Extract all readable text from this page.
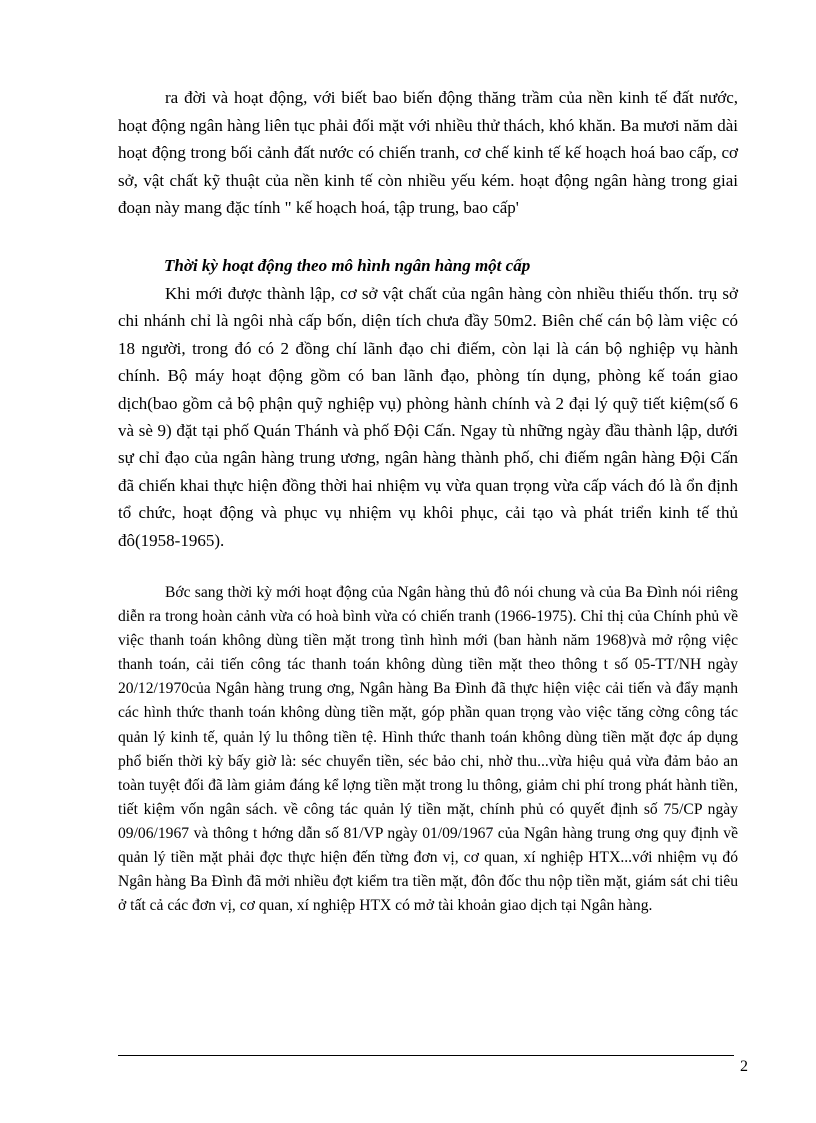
ra đời và hoạt động, với biết bao biến động thăng trầm của nền kinh tế đất nước, hoạt động ngân hàng liên tục phải đối mặt với nhiều thử thách, khó khăn. Ba mươi năm dài hoạt động trong bối cảnh đất nước có chiến tranh, cơ chế kinh tế kế hoạch hoá bao cấp, cơ sở, vật chất kỹ thuật của nền kinh tế còn nhiều yếu kém. hoạt động ngân hàng trong giai đoạn này mang đặc tính " kế hoạch hoá, tập trung, bao cấp'

Thời kỳ hoạt động theo mô hình ngân hàng một cấp

Khi mới được thành lập, cơ sở vật chất của ngân hàng còn nhiều thiếu thốn. trụ sở chi nhánh chỉ là ngôi nhà cấp bốn, diện tích chưa đầy 50m2. Biên chế cán bộ làm việc có 18 người, trong đó có 2 đồng chí lãnh đạo chi điếm, còn lại là cán bộ nghiệp vụ hành chính. Bộ máy hoạt động gồm có ban lãnh đạo, phòng tín dụng, phòng kế toán giao dịch(bao gồm cả bộ phận quỹ nghiệp vụ) phòng hành chính và 2 đại lý quỹ tiết kiệm(số 6 và sè 9) đặt tại phố Quán Thánh và phố Đội Cấn. Ngay tù những ngày đầu thành lập, dưới sự chỉ đạo của ngân hàng trung ương, ngân hàng thành phố, chi điếm ngân hàng Đội Cấn đã chiến khai thực hiện đồng thời hai nhiệm vụ vừa quan trọng vừa cấp vách đó là ổn định tổ chức, hoạt động và phục vụ nhiệm vụ khôi phục, cải tạo và phát triển kinh tế thủ đô(1958-1965).

Bớc sang thời kỳ mới hoạt động của Ngân hàng thủ đô nói chung và của Ba Đình nói riêng diễn ra trong hoàn cảnh vừa có hoà bình vừa có chiến tranh (1966-1975). Chỉ thị của Chính phủ về việc thanh toán không dùng tiền mặt trong tình hình mới (ban hành năm 1968)và mở rộng việc thanh toán, cải tiến công tác thanh toán không dùng tiền mặt theo thông t số 05-TT/NH ngày 20/12/1970của Ngân hàng trung ơng, Ngân hàng Ba Đình đã thực hiện việc cải tiến và đẩy mạnh các hình thức thanh toán không dùng tiền mặt, góp phần quan trọng vào việc tăng cờng công tác quản lý kinh tế, quản lý lu thông tiền tệ. Hình thức thanh toán không dùng tiền mặt đợc áp dụng phổ biến thời kỳ bấy giờ là: séc chuyển tiền, séc bảo chi, nhờ thu...vừa hiệu quả vừa đảm bảo an toàn tuyệt đối đã làm giảm đáng kể lợng tiền mặt trong lu thông, giảm chi phí trong phát hành tiền, tiết kiệm vốn ngân sách. về công tác quản lý tiền mặt, chính phủ có quyết định số 75/CP ngày 09/06/1967 và thông t hớng dẫn số 81/VP ngày 01/09/1967 của Ngân hàng trung ơng quy định về quản lý tiền mặt phải đợc thực hiện đến từng đơn vị, cơ quan, xí nghiệp HTX...với nhiệm vụ đó Ngân hàng Ba Đình đã mởi nhiều đợt kiểm tra tiền mặt, đôn đốc thu nộp tiền mặt, giám sát chi tiêu ở tất cả các đơn vị, cơ quan, xí nghiệp HTX có mở tài khoản giao dịch tại Ngân hàng.

2
